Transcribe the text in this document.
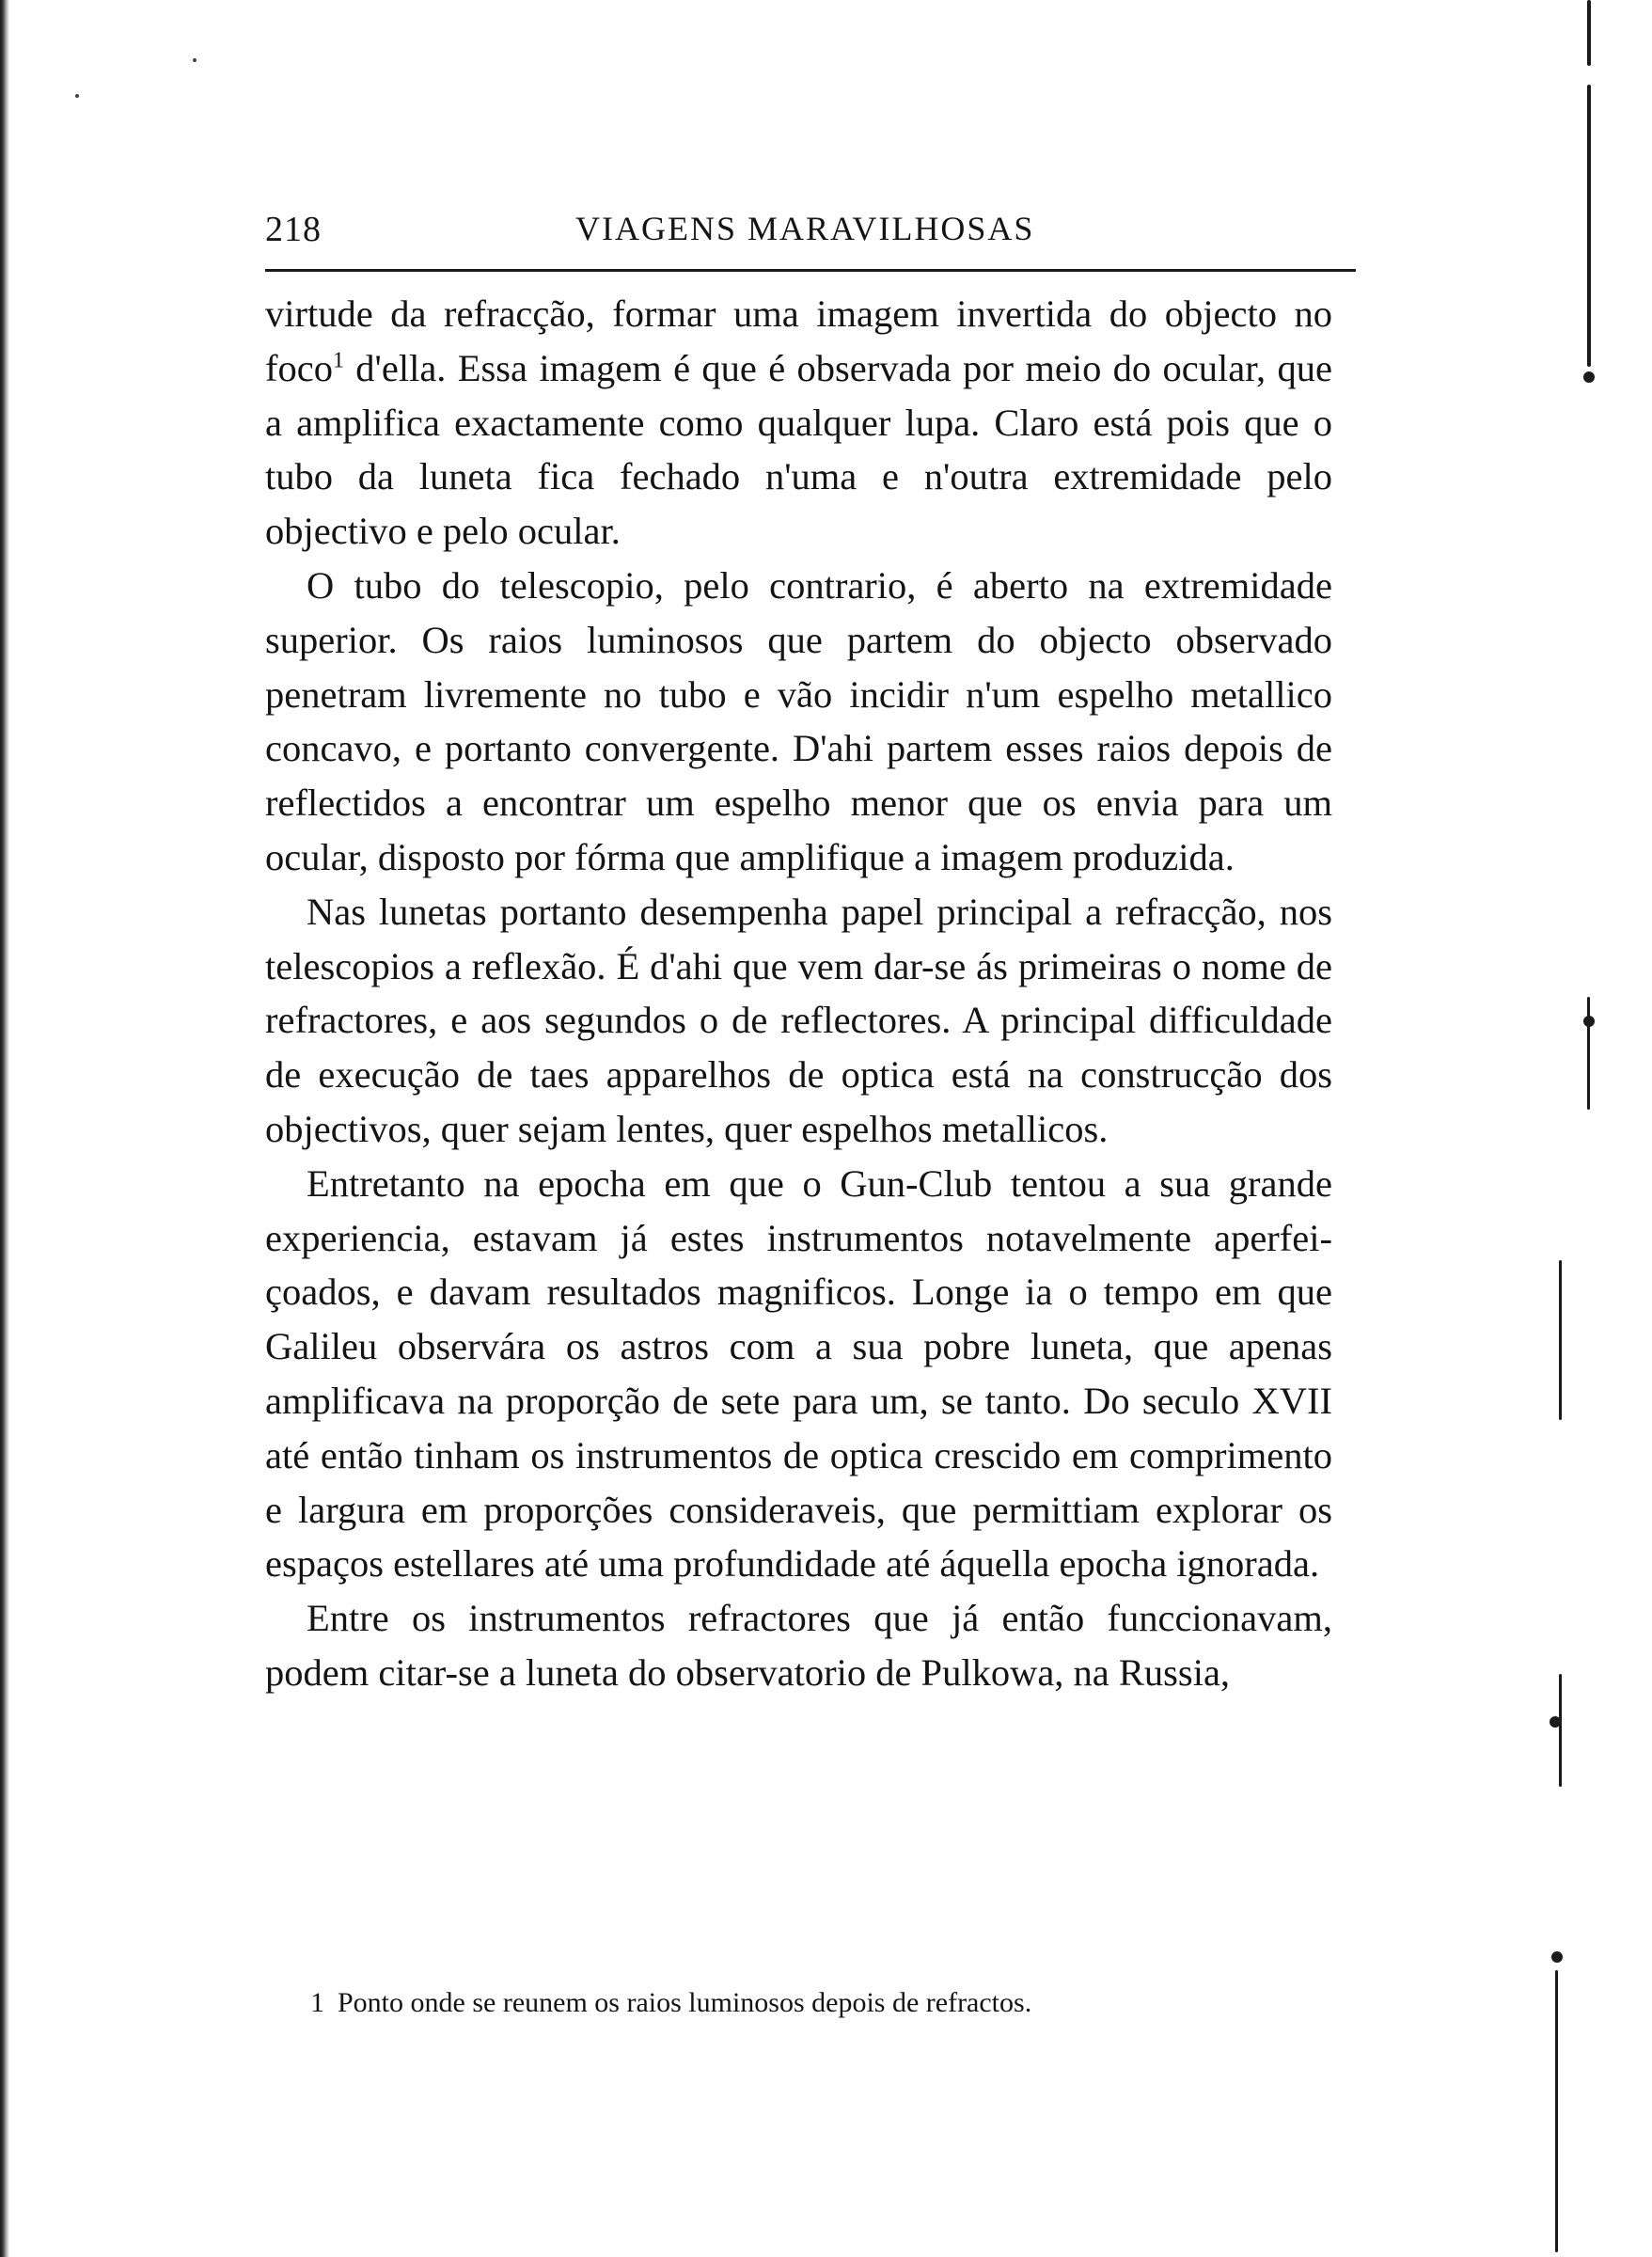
218	VIAGENS MARAVILHOSAS

virtude da refracção, formar uma imagem invertida do objecto no foco$^1$ d'ella. Essa imagem é que é observada por meio do ocular, que a amplifica exactamente como qualquer lupa. Claro está pois que o tubo da luneta fica fechado n'uma e n'outra extremidade pelo objectivo e pelo ocular.

O tubo do telescopio, pelo contrario, é aberto na extremidade superior. Os raios luminosos que partem do objecto observado penetram livremente no tubo e vão incidir n'um espelho metallico concavo, e portanto convergente. D'ahi partem esses raios depois de reflectidos a encontrar um espelho menor que os envia para um ocular, disposto por fórma que amplifique a imagem produzida.

Nas lunetas portanto desempenha papel principal a refracção, nos telescopios a reflexão. É d'ahi que vem dar-se ás primeiras o nome de refractores, e aos segundos o de reflectores. A principal difficuldade de execução de taes apparelhos de optica está na construcção dos objectivos, quer sejam lentes, quer espelhos metallicos.

Entretanto na epocha em que o Gun-Club tentou a sua grande experiencia, estavam já estes instrumentos notavelmente aperfeiçoados, e davam resultados magnificos. Longe ia o tempo em que Galileu observára os astros com a sua pobre luneta, que apenas amplificava na proporção de sete para um, se tanto. Do seculo XVII até então tinham os instrumentos de optica crescido em comprimento e largura em proporções consideraveis, que permittiam explorar os espaços estellares até uma profundidade até áquella epocha ignorada.

Entre os instrumentos refractores que já então funccionavam, podem citar-se a luneta do observatorio de Pulkowa, na Russia,

1 Ponto onde se reunem os raios luminosos depois de refractos.
